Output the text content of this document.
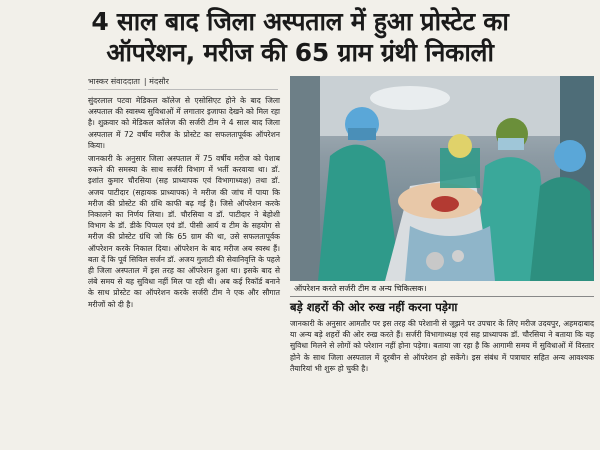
4 साल बाद जिला अस्पताल में हुआ प्रोस्टेट का
ऑपरेशन, मरीज की 65 ग्राम ग्रंथी निकाली
भास्कर संवाददाता | मंदसौर

सुंदरलाल पटवा मेडिकल कॉलेज से एसोसिएट होने के बाद जिला अस्पताल की स्वास्थ्य सुविधाओं में लगातार इजाफा देखने को मिल रहा है। शुक्रवार को मेडिकल कॉलेज की सर्जरी टीम ने 4 साल बाद जिला अस्पताल में 72 वर्षीय मरीज के प्रोस्टेट का सफलतापूर्वक ऑपरेशन किया।

जानकारी के अनुसार जिला अस्पताल में 75 वर्षीय मरीज को पेशाब रुकने की समस्या के साथ सर्जरी विभाग में भर्ती करवाया था। डॉ. इशांत कुमार चौरसिया (सह प्राध्यापक एवं विभागाध्यक्ष) तथा डॉ. अजय पाटीदार (सहायक प्राध्यापक) ने मरीज की जांच में पाया कि मरीज की प्रोस्टेट की ग्रंथि काफी बढ़ गई है। जिसे ऑपरेशन करके निकालने का निर्णय लिया। डॉ. चौरसिया व डॉ. पाटीदार ने बेहोशी विभाग के डॉ. डीके पिप्पल एवं डॉ. पीसी आर्य व टीम के सहयोग से मरीज की प्रोस्टेट ग्रंथि जो कि 65 ग्राम की था, उसे सफलतापूर्वक ऑपरेशन करके निकाल दिया। ऑपरेशन के बाद मरीज अब स्वस्थ हैं। बता दें कि पूर्व सिविल सर्जन डॉ. अजय गुलाटी की सेवानिवृत्ति के पहले ही जिला अस्पताल में इस तरह का ऑपरेशन हुआ था। इसके बाद से लंबे समय से यह सुविधा नहीं मिल पा रही थी। अब कई रिकॉर्ड बनाने के साथ प्रोस्टेट का ऑपरेशन करके सर्जरी टीम ने एक और सौगात मरीजों को दी है।

ऑपरेशन करते सर्जरी टीम व अन्य चिकित्सक।
बड़े शहरों की ओर रुख नहीं करना पड़ेगा

जानकारी के अनुसार आमतौर पर इस तरह की परेशानी से जूझने पर उपचार के लिए मरीज उदयपुर, अहमदाबाद या अन्य बड़े शहरों की ओर रुख करते हैं। सर्जरी विभागाध्यक्ष एवं सह प्राध्यापक डॉ. चौरसिया ने बताया कि यह सुविधा मिलने से लोगों को परेशान नहीं होना पड़ेगा। बताया जा रहा है कि आगामी समय में सुविधाओं में विस्तार होने के साथ जिला अस्पताल में दूरबीन से ऑपरेशन हो सकेंगे। इस संबंध में पत्राचार सहित अन्य आवश्यक तैयारियां भी शुरू हो चुकी है।
